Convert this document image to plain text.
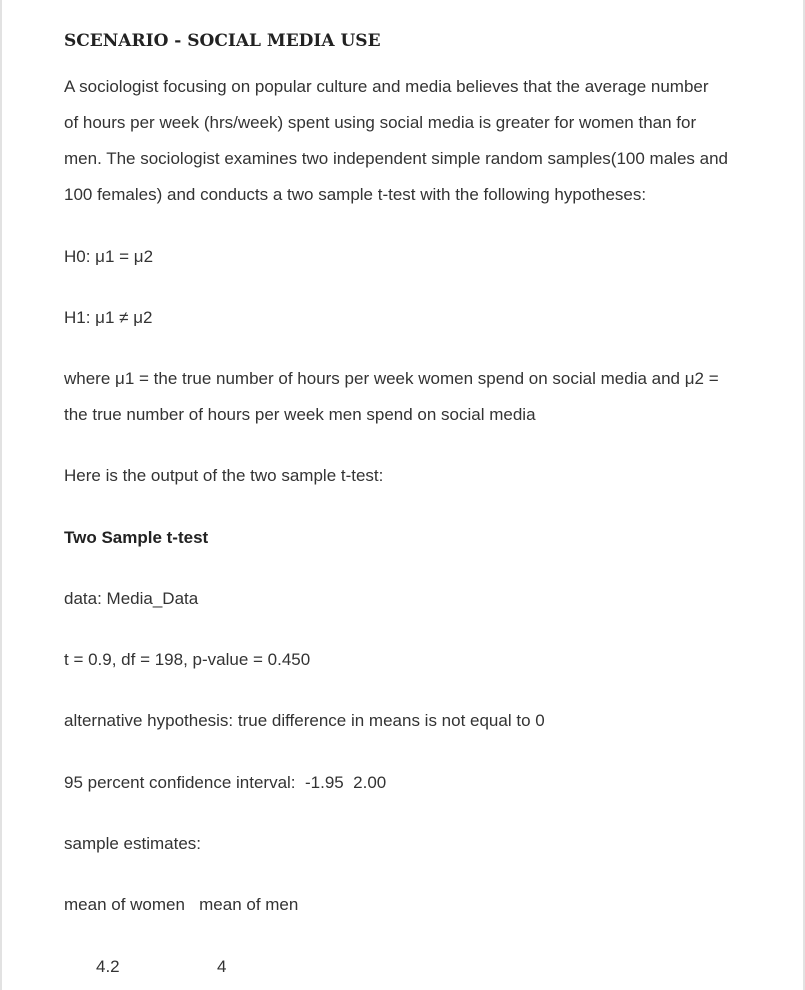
SCENARIO - SOCIAL MEDIA USE
A sociologist focusing on popular culture and media believes that the average number
of hours per week (hrs/week) spent using social media is greater for women than for
men. The sociologist examines two independent simple random samples(100 males and
100 females) and conducts a two sample t-test with the following hypotheses:
H0: μ1 = μ2
H1: μ1 ≠ μ2
where μ1 = the true number of hours per week women spend on social media and μ2 =
the true number of hours per week men spend on social media
Here is the output of the two sample t-test:
Two Sample t-test
data: Media_Data
t = 0.9, df = 198, p-value = 0.450
alternative hypothesis: true difference in means is not equal to 0
95 percent confidence interval:  -1.95  2.00
sample estimates:
mean of women   mean of men
4.2	4
